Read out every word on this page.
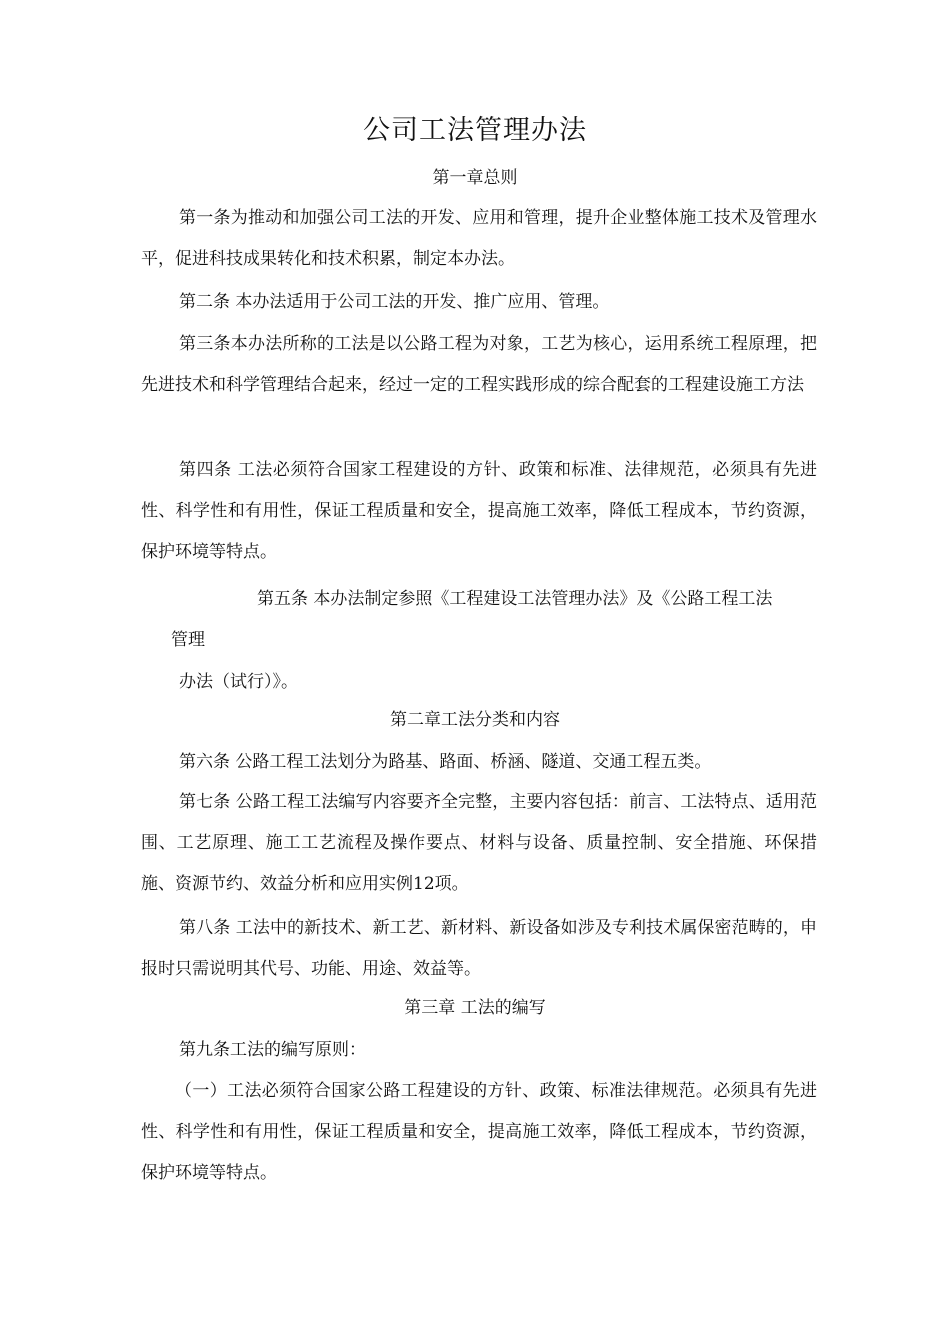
公司工法管理办法
第一章总则

第一条为推动和加强公司工法的开发、应用和管理，提升企业整体施工技术及管理水平，促进科技成果转化和技术积累，制定本办法。

第二条 本办法适用于公司工法的开发、推广应用、管理。

第三条本办法所称的工法是以公路工程为对象，工艺为核心，运用系统工程原理，把先进技术和科学管理结合起来，经过一定的工程实践形成的综合配套的工程建设施工方法

第四条 工法必须符合国家工程建设的方针、政策和标准、法律规范，必须具有先进性、科学性和有用性，保证工程质量和安全，提高施工效率，降低工程成本，节约资源，保护环境等特点。

第五条 本办法制定参照《工程建设工法管理办法》及《公路工程工法

管理

办法（试行）》。

第二章工法分类和内容

第六条 公路工程工法划分为路基、路面、桥涵、隧道、交通工程五类。

第七条 公路工程工法编写内容要齐全完整，主要内容包括：前言、工法特点、适用范围、工艺原理、施工工艺流程及操作要点、材料与设备、质量控制、安全措施、环保措施、资源节约、效益分析和应用实例12项。

第八条 工法中的新技术、新工艺、新材料、新设备如涉及专利技术属保密范畴的，申报时只需说明其代号、功能、用途、效益等。

第三章 工法的编写

第九条工法的编写原则：

（一）工法必须符合国家公路工程建设的方针、政策、标准法律规范。必须具有先进性、科学性和有用性，保证工程质量和安全，提高施工效率，降低工程成本，节约资源，保护环境等特点。
